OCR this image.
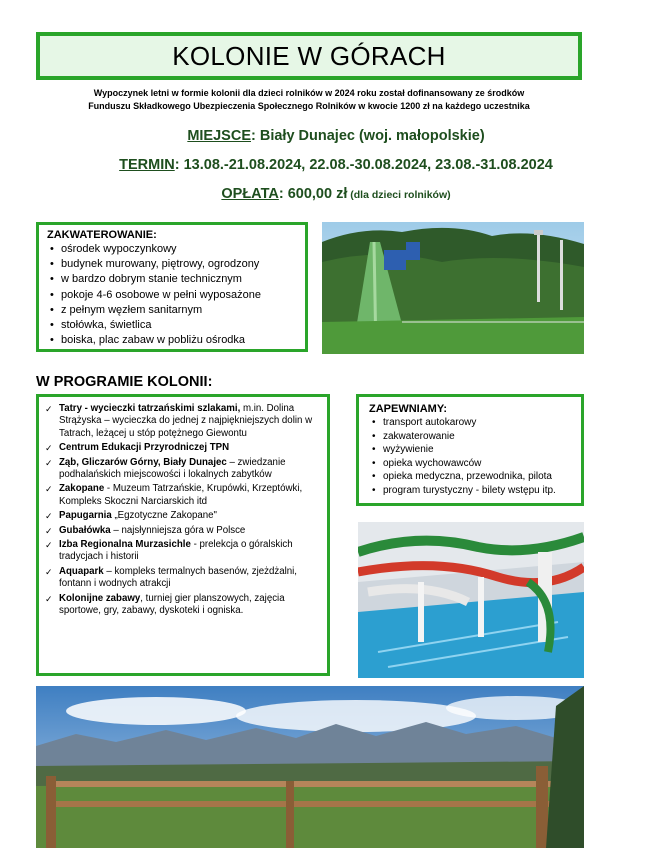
KOLONIE W GÓRACH
Wypoczynek letni w formie kolonii dla dzieci rolników w 2024 roku został dofinansowany ze środków
Funduszu Składkowego Ubezpieczenia Społecznego Rolników w kwocie 1200 zł na każdego uczestnika
MIEJSCE: Biały Dunajec (woj. małopolskie)
TERMIN: 13.08.-21.08.2024, 22.08.-30.08.2024, 23.08.-31.08.2024
OPŁATA: 600,00 zł (dla dzieci rolników)
ZAKWATEROWANIE:
• ośrodek wypoczynkowy
• budynek murowany, piętrowy, ogrodzony
• w bardzo dobrym stanie technicznym
• pokoje 4-6 osobowe w pełni wyposażone
• z pełnym węzłem sanitarnym
• stołówka, świetlica
• boiska, plac zabaw w pobliżu ośrodka
W PROGRAMIE KOLONII:
✓ Tatry - wycieczki tatrzańskimi szlakami, m.in. Dolina Strążyska – wycieczka do jednej z najpiękniejszych dolin w Tatrach, leżącej u stóp potężnego Giewontu
✓ Centrum Edukacji Przyrodniczej TPN
✓ Ząb, Gliczarów Górny, Biały Dunajec – zwiedzanie podhalańskich miejscowości i lokalnych zabytków
✓ Zakopane - Muzeum Tatrzańskie, Krupówki, Krzeptówki, Kompleks Skoczni Narciarskich itd
✓ Papugarnia „Egzotyczne Zakopane"
✓ Gubałówka – najsłynniejsza góra w Polsce
✓ Izba Regionalna Murzasichle - prelekcja o góralskich tradycjach i historii
✓ Aquapark – kompleks termalnych basenów, zjeżdżalni, fontann i wodnych atrakcji
✓ Kolonijne zabawy, turniej gier planszowych, zajęcia sportowe, gry, zabawy, dyskoteki i ogniska.
ZAPEWNIAMY:
• transport autokarowy
• zakwaterowanie
• wyżywienie
• opieka wychowawców
• opieka medyczna, przewodnika, pilota
• program turystyczny - bilety wstępu itp.
